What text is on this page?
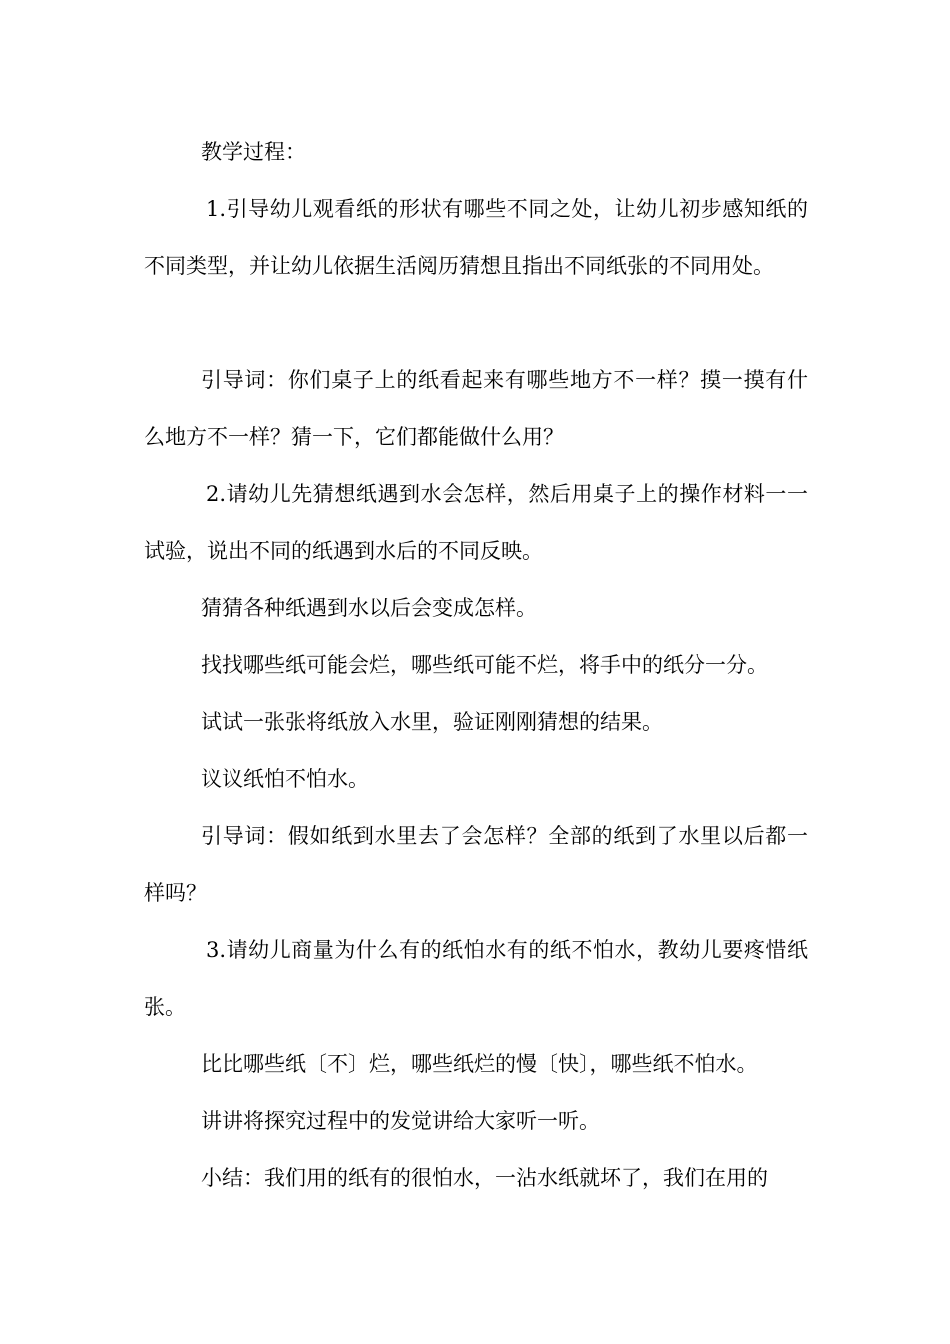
教学过程：

1.引导幼儿观看纸的形状有哪些不同之处，让幼儿初步感知纸的不同类型，并让幼儿依据生活阅历猜想且指出不同纸张的不同用处。

引导词：你们桌子上的纸看起来有哪些地方不一样？摸一摸有什么地方不一样？猜一下，它们都能做什么用？

2.请幼儿先猜想纸遇到水会怎样，然后用桌子上的操作材料一一试验，说出不同的纸遇到水后的不同反映。

猜猜各种纸遇到水以后会变成怎样。

找找哪些纸可能会烂，哪些纸可能不烂，将手中的纸分一分。

试试一张张将纸放入水里，验证刚刚猜想的结果。

议议纸怕不怕水。

引导词：假如纸到水里去了会怎样？全部的纸到了水里以后都一样吗？

3.请幼儿商量为什么有的纸怕水有的纸不怕水，教幼儿要疼惜纸张。

比比哪些纸〔不〕烂，哪些纸烂的慢〔快〕，哪些纸不怕水。

讲讲将探究过程中的发觉讲给大家听一听。

小结：我们用的纸有的很怕水，一沾水纸就坏了，我们在用的
